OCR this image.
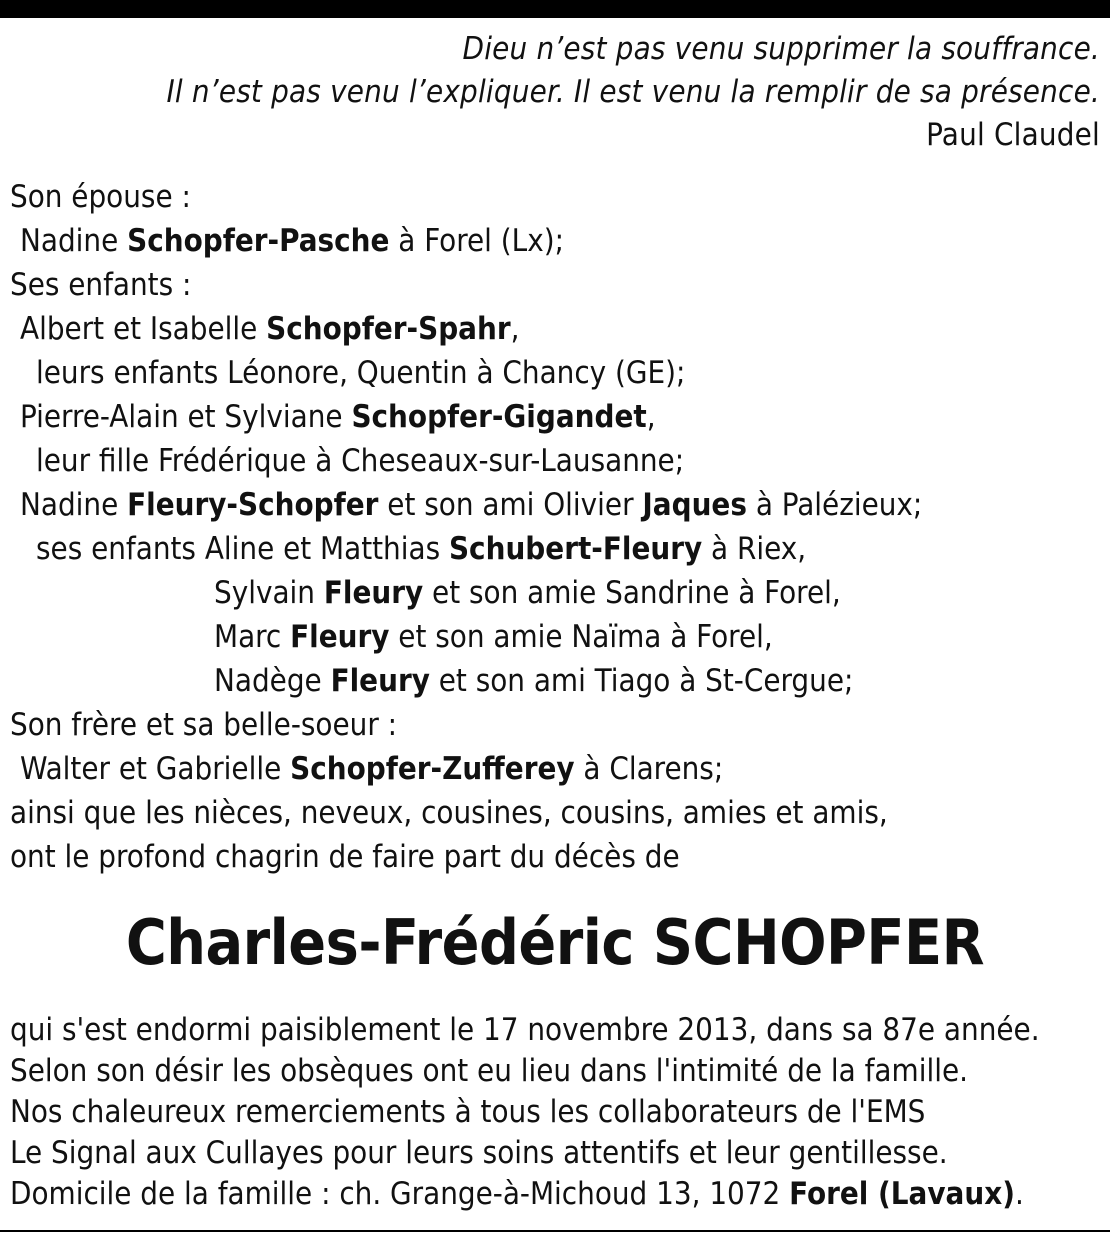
Dieu n’est pas venu supprimer la souffrance.
Il n’est pas venu l’expliquer. Il est venu la remplir de sa présence.
Paul Claudel
Son épouse :
Nadine Schopfer-Pasche à Forel (Lx);
Ses enfants :
Albert et Isabelle Schopfer-Spahr,
leurs enfants Léonore, Quentin à Chancy (GE);
Pierre-Alain et Sylviane Schopfer-Gigandet,
leur fille Frédérique à Cheseaux-sur-Lausanne;
Nadine Fleury-Schopfer et son ami Olivier Jaques à Palézieux;
ses enfants Aline et Matthias Schubert-Fleury à Riex,
Sylvain Fleury et son amie Sandrine à Forel,
Marc Fleury et son amie Naïma à Forel,
Nadège Fleury et son ami Tiago à St-Cergue;
Son frère et sa belle-soeur :
Walter et Gabrielle Schopfer-Zufferey à Clarens;
ainsi que les nièces, neveux, cousines, cousins, amies et amis,
ont le profond chagrin de faire part du décès de
Charles-Frédéric SCHOPFER
qui s'est endormi paisiblement le 17 novembre 2013, dans sa 87e année.
Selon son désir les obsèques ont eu lieu dans l'intimité de la famille.
Nos chaleureux remerciements à tous les collaborateurs de l'EMS
Le Signal aux Cullayes pour leurs soins attentifs et leur gentillesse.
Domicile de la famille : ch. Grange-à-Michoud 13, 1072 Forel (Lavaux).
